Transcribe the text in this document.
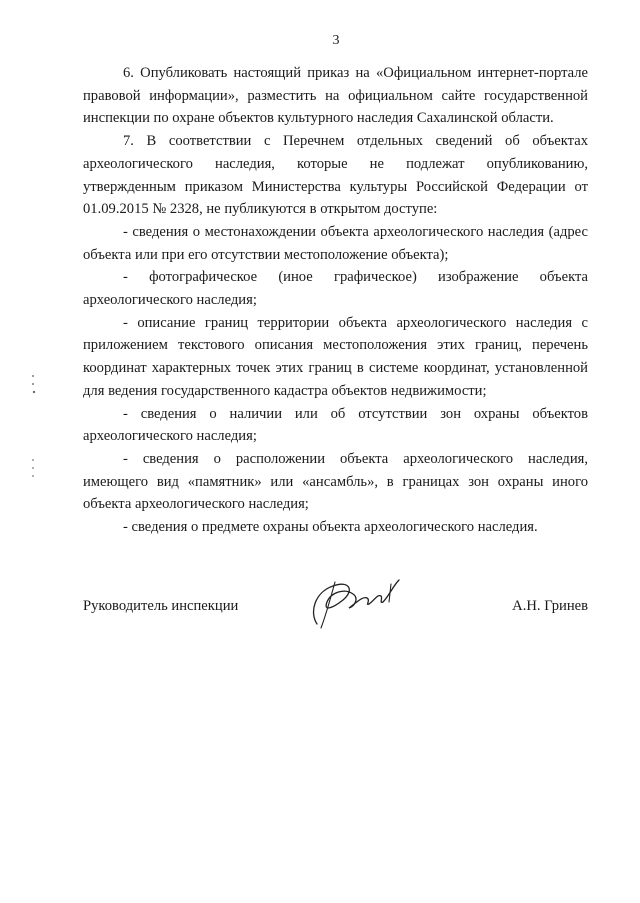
3

6. Опубликовать настоящий приказ на «Официальном интернет-портале правовой информации», разместить на официальном сайте государственной инспекции по охране объектов культурного наследия Сахалинской области.

7. В соответствии с Перечнем отдельных сведений об объектах археологического наследия, которые не подлежат опубликованию, утвержденным приказом Министерства культуры Российской Федерации от 01.09.2015 № 2328, не публикуются в открытом доступе:

- сведения о местонахождении объекта археологического наследия (адрес объекта или при его отсутствии местоположение объекта);

- фотографическое (иное графическое) изображение объекта археологического наследия;

- описание границ территории объекта археологического наследия с приложением текстового описания местоположения этих границ, перечень координат характерных точек этих границ в системе координат, установленной для ведения государственного кадастра объектов недвижимости;

- сведения о наличии или об отсутствии зон охраны объектов археологического наследия;

- сведения о расположении объекта археологического наследия, имеющего вид «памятник» или «ансамбль», в границах зон охраны иного объекта археологического наследия;

- сведения о предмете охраны объекта археологического наследия.

Руководитель инспекции	А.Н. Гринев
